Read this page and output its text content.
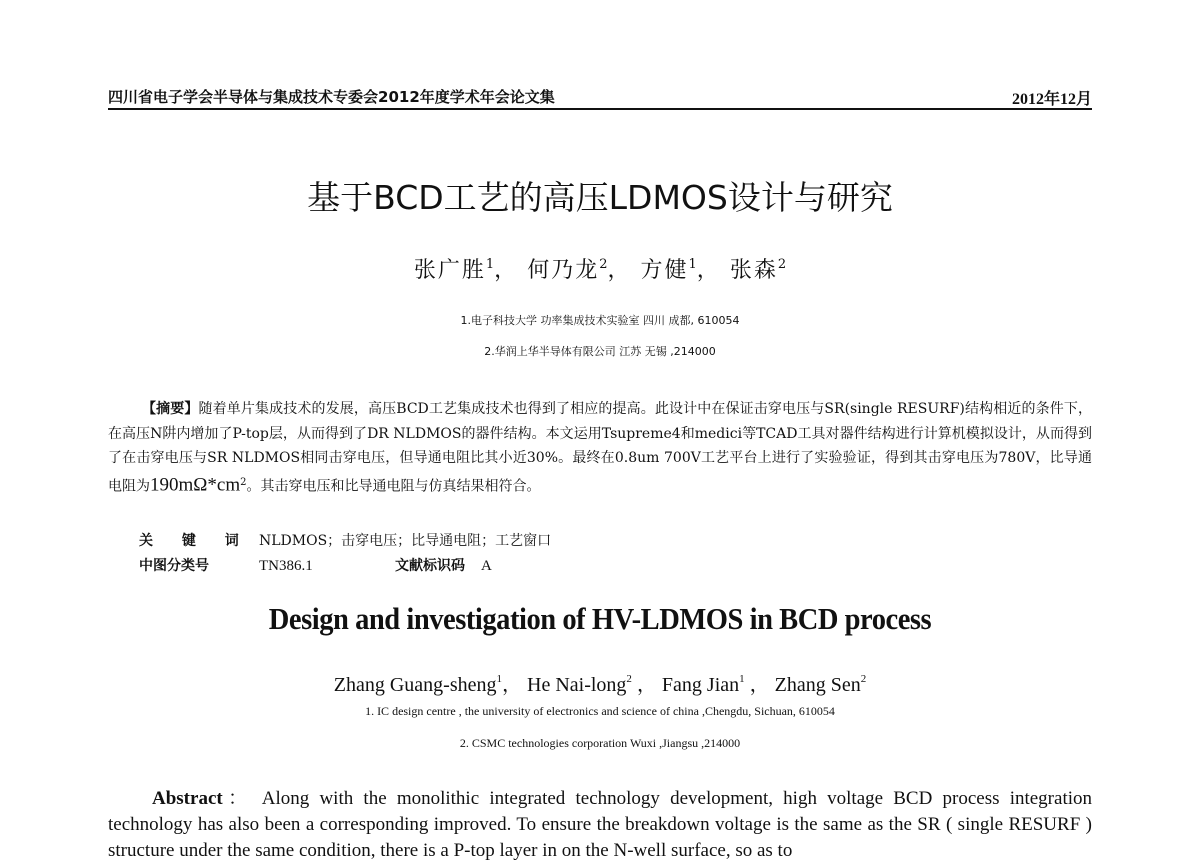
四川省电子学会半导体与集成技术专委会2012年度学术年会论文集	2012年12月
基于BCD工艺的高压LDMOS设计与研究
张广胜$^1$， 何乃龙$^2$， 方健$^1$， 张森$^2$
1.电子科技大学 功率集成技术实验室 四川 成都, 610054
2.华润上华半导体有限公司 江苏 无锡 ,214000
【摘要】随着单片集成技术的发展，高压BCD工艺集成技术也得到了相应的提高。此设计中在保证击穿电压与SR(single RESURF)结构相近的条件下，在高压N阱内增加了P-top层，从而得到了DR NLDMOS的器件结构。本文运用Tsupreme4和medici等TCAD工具对器件结构进行计算机模拟设计，从而得到了在击穿电压与SR NLDMOS相同击穿电压，但导通电阻比其小近30%。最终在0.8um 700V工艺平台上进行了实验验证，得到其击穿电压为780V，比导通电阻为$190m\Omega*cm^2$。其击穿电压和比导通电阻与仿真结果相符合。
关 键 词 NLDMOS；击穿电压；比导通电阻；工艺窗口
中图分类号	TN386.1	文献标识码 A
Design and investigation of HV-LDMOS in BCD process
Zhang Guang-sheng$^1$， He Nai-long$^2$ ， Fang Jian$^1$ ， Zhang Sen$^2$
1. IC design centre , the university of electronics and science of china ,Chengdu, Sichuan, 610054
2. CSMC technologies corporation Wuxi ,Jiangsu ,214000
Abstract： Along with the monolithic integrated technology development, high voltage BCD process integration technology has also been a corresponding improved. To ensure the breakdown voltage is the same as the SR ( single RESURF ) structure under the same condition, there is a P-top layer in on the N-well surface, so as to
